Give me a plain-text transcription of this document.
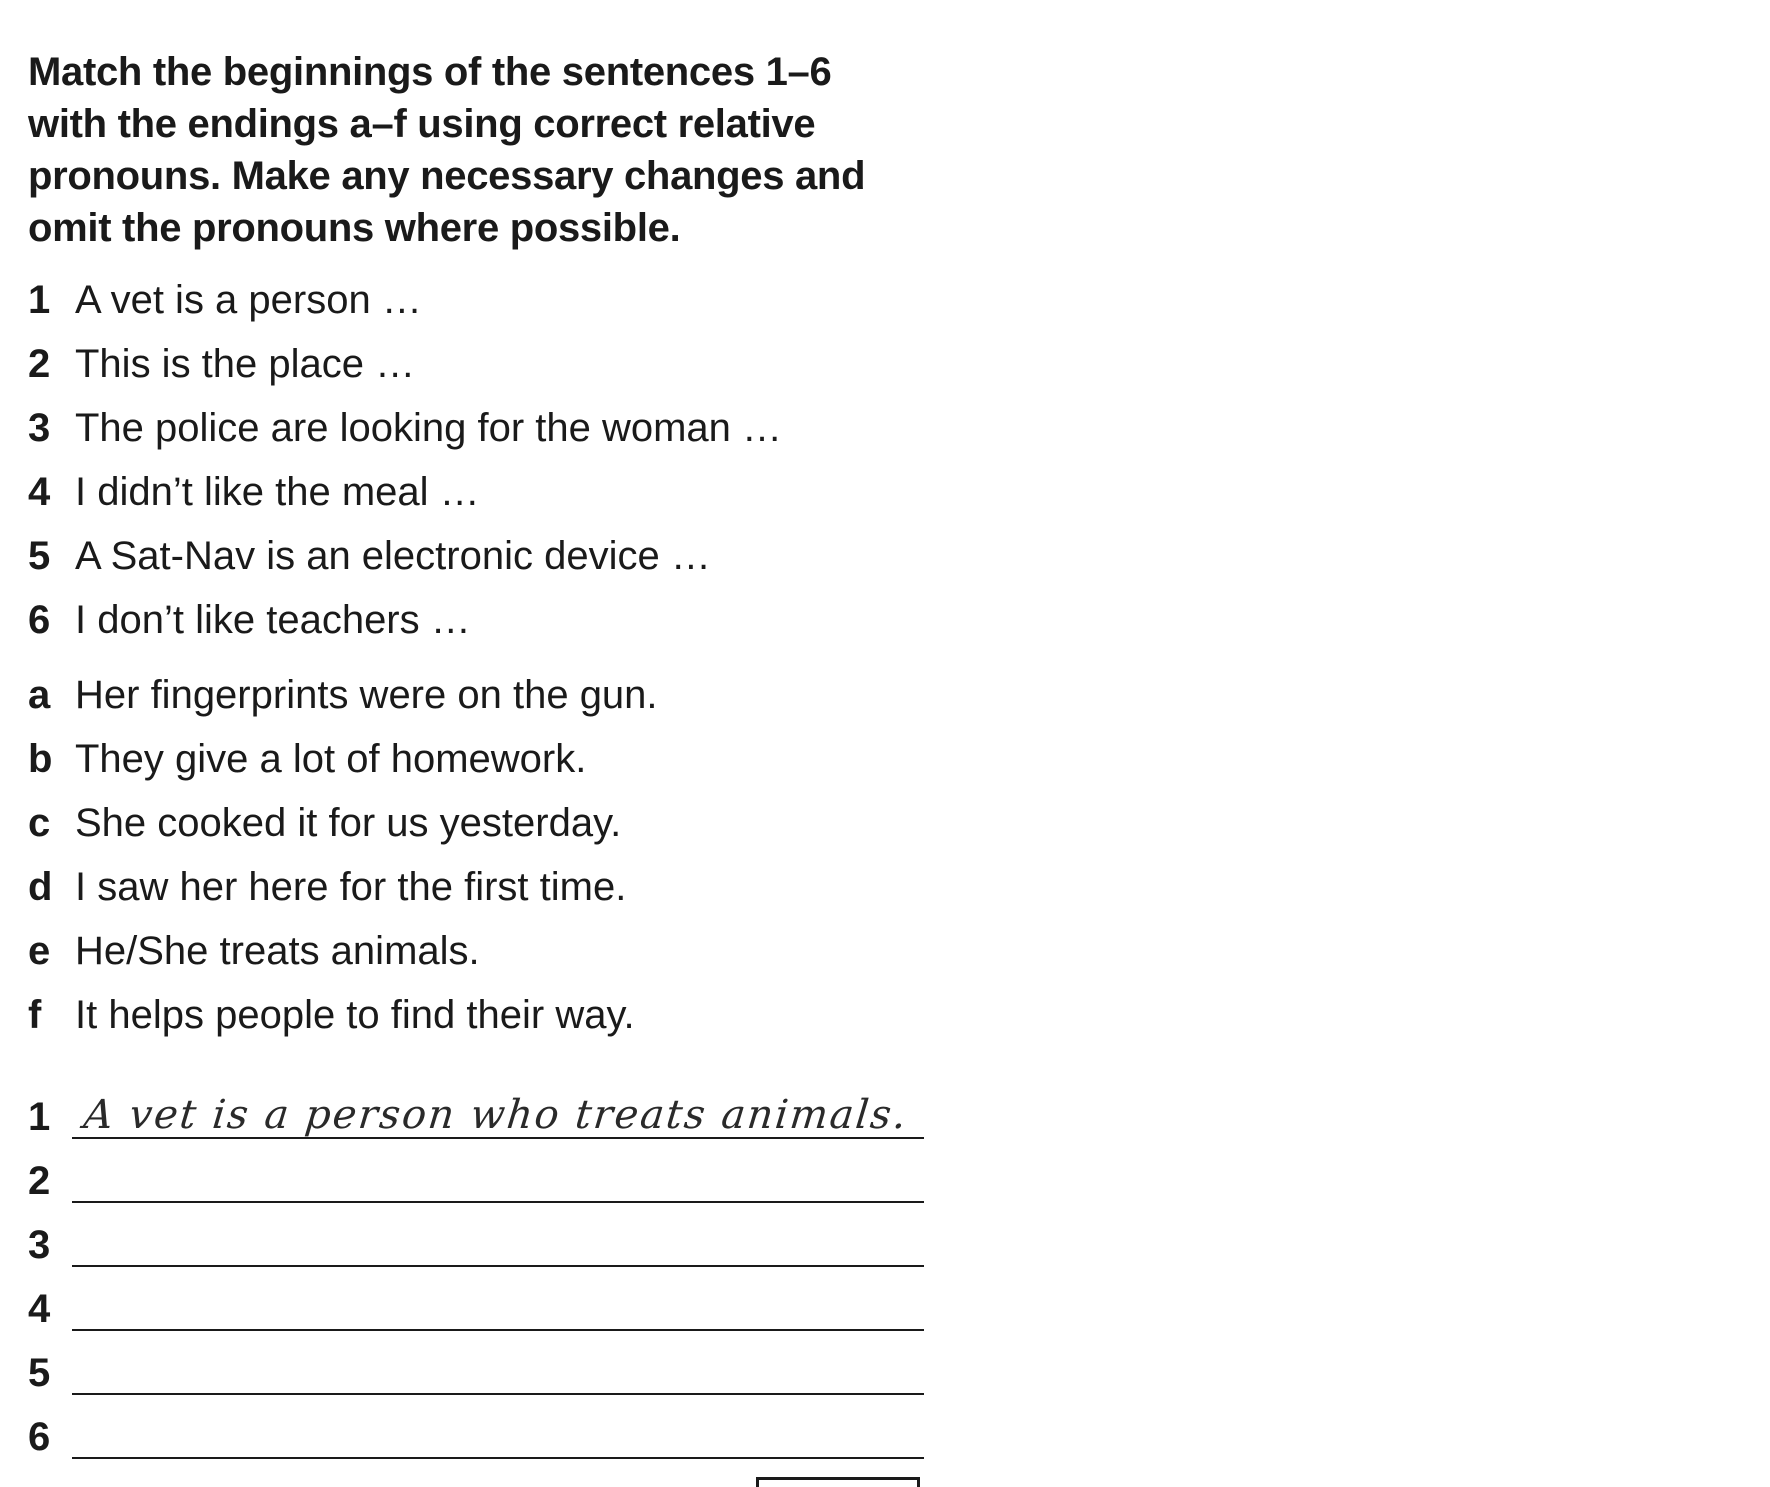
Match the beginnings of the sentences 1–6 with the endings a–f using correct relative pronouns. Make any necessary changes and omit the pronouns where possible.

1 A vet is a person …
2 This is the place …
3 The police are looking for the woman …
4 I didn’t like the meal …
5 A Sat-Nav is an electronic device …
6 I don’t like teachers …
a Her fingerprints were on the gun.
b They give a lot of homework.
c She cooked it for us yesterday.
d I saw her here for the first time.
e He/She treats animals.
f It helps people to find their way.
1 A vet is a person who treats animals.
2
3
4
5
6
